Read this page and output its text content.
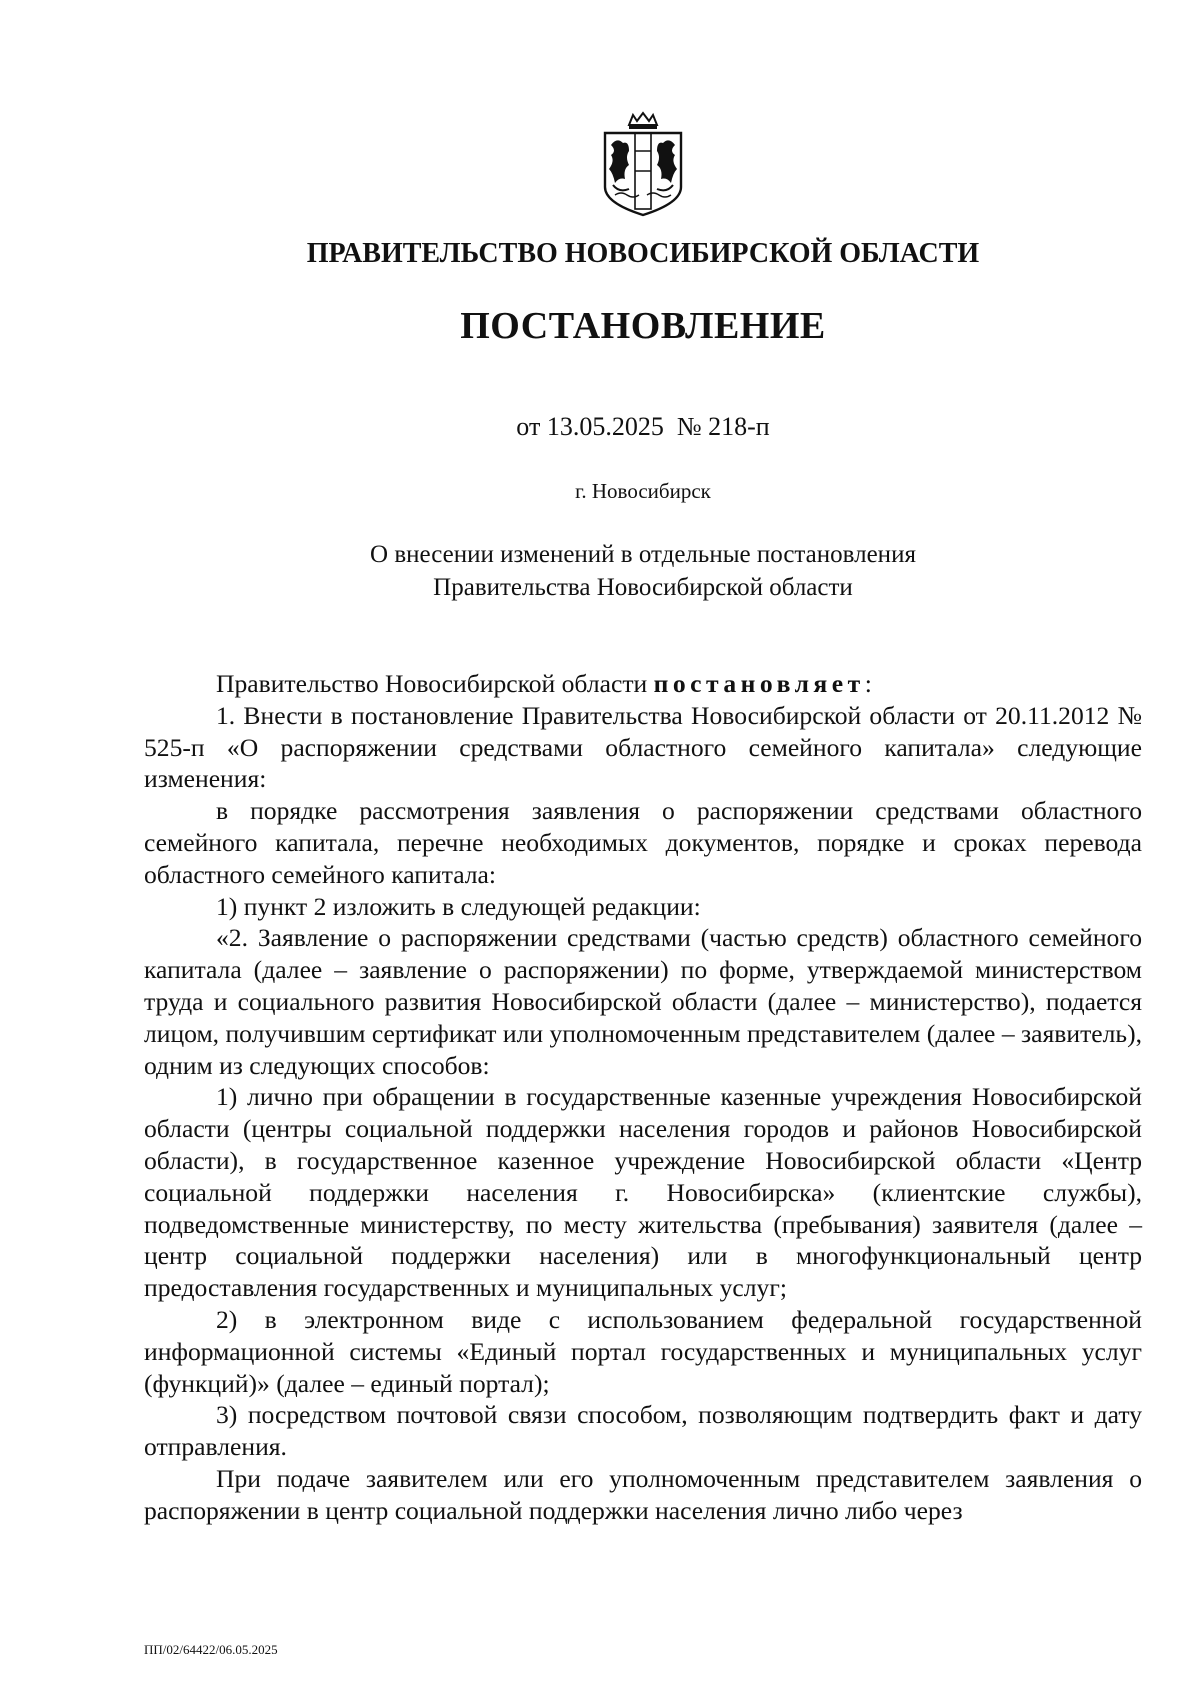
ПРАВИТЕЛЬСТВО НОВОСИБИРСКОЙ ОБЛАСТИ
ПОСТАНОВЛЕНИЕ
от 13.05.2025  № 218-п
г. Новосибирск
О внесении изменений в отдельные постановления
Правительства Новосибирской области

Правительство Новосибирской области постановляет:

1. Внести в постановление Правительства Новосибирской области от 20.11.2012 № 525-п «О распоряжении средствами областного семейного капитала» следующие изменения:

в порядке рассмотрения заявления о распоряжении средствами областного семейного капитала, перечне необходимых документов, порядке и сроках перевода областного семейного капитала:

1) пункт 2 изложить в следующей редакции:

«2. Заявление о распоряжении средствами (частью средств) областного семейного капитала (далее – заявление о распоряжении) по форме, утверждаемой министерством труда и социального развития Новосибирской области (далее – министерство), подается лицом, получившим сертификат или уполномоченным представителем (далее – заявитель), одним из следующих способов:

1) лично при обращении в государственные казенные учреждения Новосибирской области (центры социальной поддержки населения городов и районов Новосибирской области), в государственное казенное учреждение Новосибирской области «Центр социальной поддержки населения г. Новосибирска» (клиентские службы), подведомственные министерству, по месту жительства (пребывания) заявителя (далее – центр социальной поддержки населения) или в многофункциональный центр предоставления государственных и муниципальных услуг;

2) в электронном виде с использованием федеральной государственной информационной системы «Единый портал государственных и муниципальных услуг (функций)» (далее – единый портал);

3) посредством почтовой связи способом, позволяющим подтвердить факт и дату отправления.

При подаче заявителем или его уполномоченным представителем заявления о распоряжении в центр социальной поддержки населения лично либо через

ПП/02/64422/06.05.2025
